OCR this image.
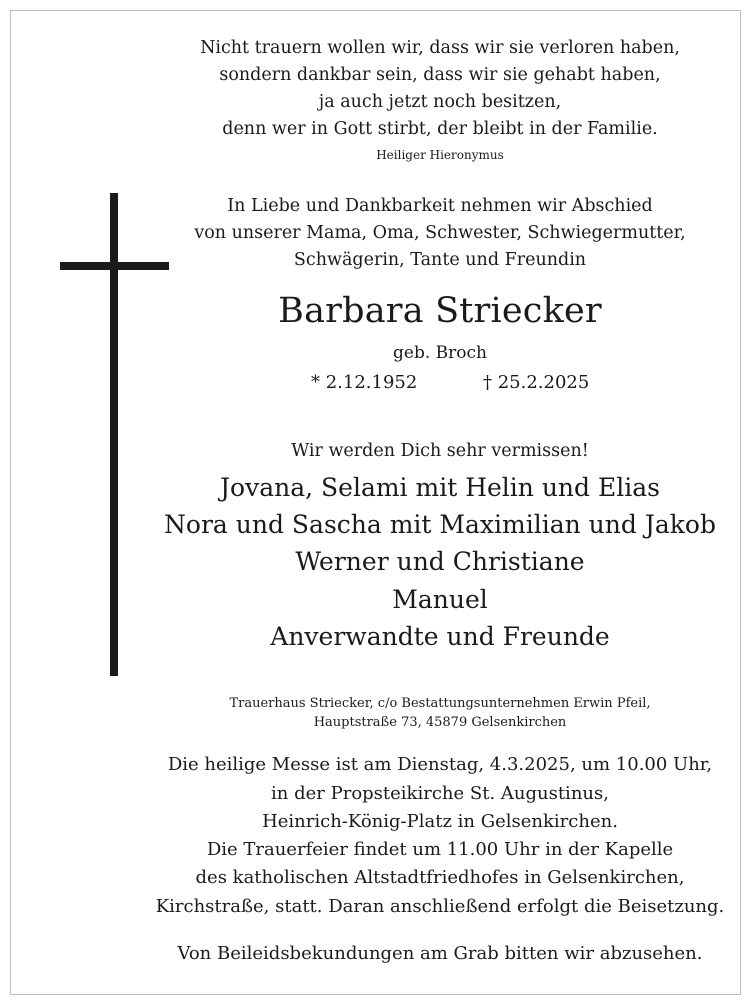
Nicht trauern wollen wir, dass wir sie verloren haben,
sondern dankbar sein, dass wir sie gehabt haben,
ja auch jetzt noch besitzen,
denn wer in Gott stirbt, der bleibt in der Familie.
Heiliger Hieronymus
In Liebe und Dankbarkeit nehmen wir Abschied
von unserer Mama, Oma, Schwester, Schwiegermutter,
Schwägerin, Tante und Freundin
Barbara Striecker
geb. Broch
* 2.12.1952	† 25.2.2025
Wir werden Dich sehr vermissen!
Jovana, Selami mit Helin und Elias
Nora und Sascha mit Maximilian und Jakob
Werner und Christiane
Manuel
Anverwandte und Freunde
Trauerhaus Striecker, c/o Bestattungsunternehmen Erwin Pfeil,
Hauptstraße 73, 45879 Gelsenkirchen
Die heilige Messe ist am Dienstag, 4.3.2025, um 10.00 Uhr,
in der Propsteikirche St. Augustinus,
Heinrich-König-Platz in Gelsenkirchen.
Die Trauerfeier findet um 11.00 Uhr in der Kapelle
des katholischen Altstadtfriedhofes in Gelsenkirchen,
Kirchstraße, statt. Daran anschließend erfolgt die Beisetzung.
Von Beileidsbekundungen am Grab bitten wir abzusehen.
